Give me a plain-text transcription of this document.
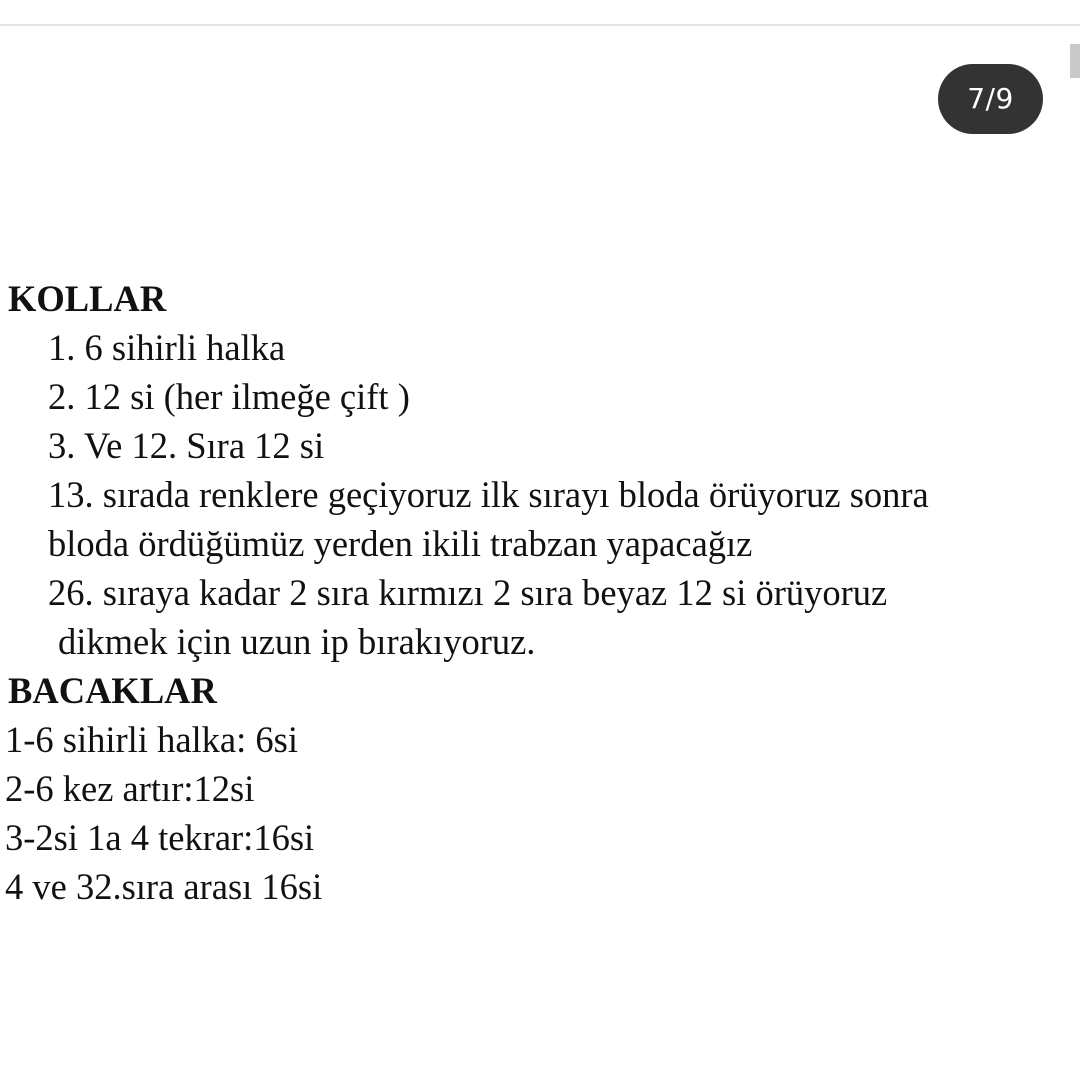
7/9

KOLLAR

1. 6 sihirli halka

2. 12 si (her ilmeğe çift )

3. Ve 12. Sıra 12 si

13. sırada renklere geçiyoruz ilk sırayı bloda örüyoruz sonra

bloda ördüğümüz yerden ikili trabzan yapacağız

26. sıraya kadar 2 sıra kırmızı 2 sıra beyaz 12 si örüyoruz

dikmek için uzun ip bırakıyoruz.

BACAKLAR

1-6 sihirli halka: 6si

2-6 kez artır:12si

3-2si 1a 4 tekrar:16si

4 ve 32.sıra arası 16si
